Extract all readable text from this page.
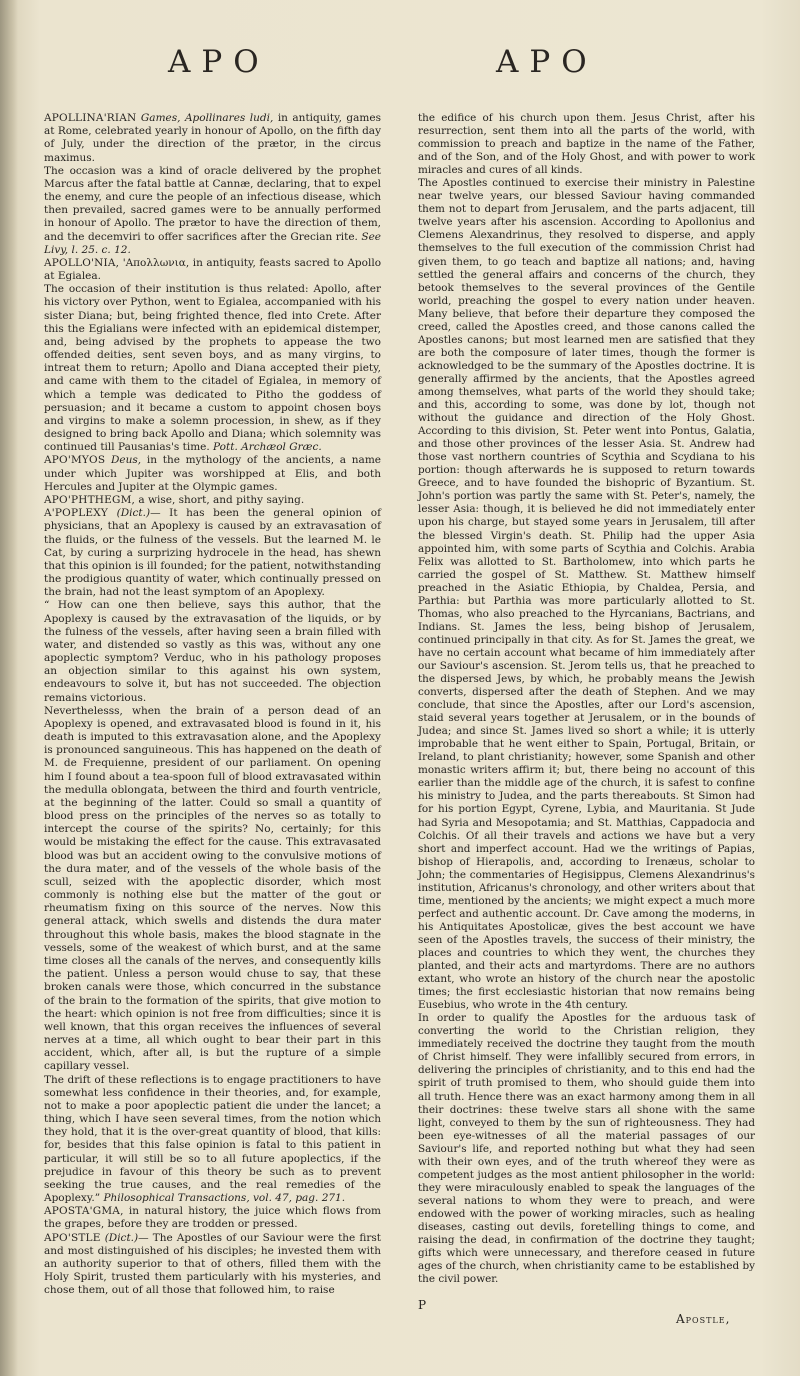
APO	APO

APOLLINA'RIAN Games, Apollinares ludi, in antiquity, games at Rome, celebrated yearly in honour of Apollo, on the fifth day of July, under the direction of the prætor, in the circus maximus.

The occasion was a kind of oracle delivered by the prophet Marcus after the fatal battle at Cannæ, declaring, that to expel the enemy, and cure the people of an infectious disease, which then prevailed, sacred games were to be annually performed in honour of Apollo. The prætor to have the direction of them, and the decemviri to offer sacrifices after the Grecian rite. See Livy, l. 25. c. 12.

APOLLO'NIA, 'Απολλωνια, in antiquity, feasts sacred to Apollo at Egialea.

The occasion of their institution is thus related: Apollo, after his victory over Python, went to Egialea, accompanied with his sister Diana; but, being frighted thence, fled into Crete. After this the Egialians were infected with an epidemical distemper, and, being advised by the prophets to appease the two offended deities, sent seven boys, and as many virgins, to intreat them to return; Apollo and Diana accepted their piety, and came with them to the citadel of Egialea, in memory of which a temple was dedicated to Pitho the goddess of persuasion; and it became a custom to appoint chosen boys and virgins to make a solemn procession, in shew, as if they designed to bring back Apollo and Diana; which solemnity was continued till Pausanias's time. Pott. Archæol Græc.

APO'MYOS Deus, in the mythology of the ancients, a name under which Jupiter was worshipped at Elis, and both Hercules and Jupiter at the Olympic games.

APO'PHTHEGM, a wise, short, and pithy saying.

A'POPLEXY (Dict.)— It has been the general opinion of physicians, that an Apoplexy is caused by an extravasation of the fluids, or the fulness of the vessels. But the learned M. le Cat, by curing a surprizing hydrocele in the head, has shewn that this opinion is ill founded; for the patient, notwithstanding the prodigious quantity of water, which continually pressed on the brain, had not the least symptom of an Apoplexy.

“ How can one then believe, says this author, that the Apoplexy is caused by the extravasation of the liquids, or by the fulness of the vessels, after having seen a brain filled with water, and distended so vastly as this was, without any one apoplectic symptom? Verduc, who in his pathology proposes an objection similar to this against his own system, endeavours to solve it, but has not succeeded. The objection remains victorious.

Neverthelesss, when the brain of a person dead of an Apoplexy is opened, and extravasated blood is found in it, his death is imputed to this extravasation alone, and the Apoplexy is pronounced sanguineous. This has happened on the death of M. de Frequienne, president of our parliament. On opening him I found about a tea-spoon full of blood extravasated within the medulla oblongata, between the third and fourth ventricle, at the beginning of the latter. Could so small a quantity of blood press on the principles of the nerves so as totally to intercept the course of the spirits? No, certainly; for this would be mistaking the effect for the cause. This extravasated blood was but an accident owing to the convulsive motions of the dura mater, and of the vessels of the whole basis of the scull, seized with the apoplectic disorder, which most commonly is nothing else but the matter of the gout or rheumatism fixing on this source of the nerves. Now this general attack, which swells and distends the dura mater throughout this whole basis, makes the blood stagnate in the vessels, some of the weakest of which burst, and at the same time closes all the canals of the nerves, and consequently kills the patient. Unless a person would chuse to say, that these broken canals were those, which concurred in the substance of the brain to the formation of the spirits, that give motion to the heart: which opinion is not free from difficulties; since it is well known, that this organ receives the influences of several nerves at a time, all which ought to bear their part in this accident, which, after all, is but the rupture of a simple capillary vessel.

The drift of these reflections is to engage practitioners to have somewhat less confidence in their theories, and, for example, not to make a poor apoplectic patient die under the lancet; a thing, which I have seen several times, from the notion which they hold, that it is the over-great quantity of blood, that kills: for, besides that this false opinion is fatal to this patient in particular, it will still be so to all future apoplectics, if the prejudice in favour of this theory be such as to prevent seeking the true causes, and the real remedies of the Apoplexy.” Philosophical Transactions, vol. 47, pag. 271.

APOSTA'GMA, in natural history, the juice which flows from the grapes, before they are trodden or pressed.

APO'STLE (Dict.)— The Apostles of our Saviour were the first and most distinguished of his disciples; he invested them with an authority superior to that of others, filled them with the Holy Spirit, trusted them particularly with his mysteries, and chose them, out of all those that followed him, to raise

the edifice of his church upon them. Jesus Christ, after his resurrection, sent them into all the parts of the world, with commission to preach and baptize in the name of the Father, and of the Son, and of the Holy Ghost, and with power to work miracles and cures of all kinds.

The Apostles continued to exercise their ministry in Palestine near twelve years, our blessed Saviour having commanded them not to depart from Jerusalem, and the parts adjacent, till twelve years after his ascension. According to Apollonius and Clemens Alexandrinus, they resolved to disperse, and apply themselves to the full execution of the commission Christ had given them, to go teach and baptize all nations; and, having settled the general affairs and concerns of the church, they betook themselves to the several provinces of the Gentile world, preaching the gospel to every nation under heaven. Many believe, that before their departure they composed the creed, called the Apostles creed, and those canons called the Apostles canons; but most learned men are satisfied that they are both the composure of later times, though the former is acknowledged to be the summary of the Apostles doctrine. It is generally affirmed by the ancients, that the Apostles agreed among themselves, what parts of the world they should take; and this, according to some, was done by lot, though not without the guidance and direction of the Holy Ghost. According to this division, St. Peter went into Pontus, Galatia, and those other provinces of the lesser Asia. St. Andrew had those vast northern countries of Scythia and Scydiana to his portion: though afterwards he is supposed to return towards Greece, and to have founded the bishopric of Byzantium. St. John's portion was partly the same with St. Peter's, namely, the lesser Asia: though, it is believed he did not immediately enter upon his charge, but stayed some years in Jerusalem, till after the blessed Virgin's death. St. Philip had the upper Asia appointed him, with some parts of Scythia and Colchis. Arabia Felix was allotted to St. Bartholomew, into which parts he carried the gospel of St. Matthew. St. Matthew himself preached in the Asiatic Ethiopia, by Chaldea, Persia, and Parthia: but Parthia was more particularly allotted to St. Thomas, who also preached to the Hyrcanians, Bactrians, and Indians. St. James the less, being bishop of Jerusalem, continued principally in that city. As for St. James the great, we have no certain account what became of him immediately after our Saviour's ascension. St. Jerom tells us, that he preached to the dispersed Jews, by which, he probably means the Jewish converts, dispersed after the death of Stephen. And we may conclude, that since the Apostles, after our Lord's ascension, staid several years together at Jerusalem, or in the bounds of Judea; and since St. James lived so short a while; it is utterly improbable that he went either to Spain, Portugal, Britain, or Ireland, to plant christianity; however, some Spanish and other monastic writers affirm it; but, there being no account of this earlier than the middle age of the church, it is safest to confine his ministry to Judea, and the parts thereabouts. St Simon had for his portion Egypt, Cyrene, Lybia, and Mauritania. St Jude had Syria and Mesopotamia; and St. Matthias, Cappadocia and Colchis. Of all their travels and actions we have but a very short and imperfect account. Had we the writings of Papias, bishop of Hierapolis, and, according to Irenæus, scholar to John; the commentaries of Hegisippus, Clemens Alexandrinus's institution, Africanus's chronology, and other writers about that time, mentioned by the ancients; we might expect a much more perfect and authentic account. Dr. Cave among the moderns, in his Antiquitates Apostolicæ, gives the best account we have seen of the Apostles travels, the success of their ministry, the places and countries to which they went, the churches they planted, and their acts and martyrdoms. There are no authors extant, who wrote an history of the church near the apostolic times; the first ecclesiastic historian that now remains being Eusebius, who wrote in the 4th century.

In order to qualify the Apostles for the arduous task of converting the world to the Christian religion, they immediately received the doctrine they taught from the mouth of Christ himself. They were infallibly secured from errors, in delivering the principles of christianity, and to this end had the spirit of truth promised to them, who should guide them into all truth. Hence there was an exact harmony among them in all their doctrines: these twelve stars all shone with the same light, conveyed to them by the sun of righteousness. They had been eye-witnesses of all the material passages of our Saviour's life, and reported nothing but what they had seen with their own eyes, and of the truth whereof they were as competent judges as the most antient philosopher in the world: they were miraculously enabled to speak the languages of the several nations to whom they were to preach, and were endowed with the power of working miracles, such as healing diseases, casting out devils, foretelling things to come, and raising the dead, in confirmation of the doctrine they taught; gifts which were unnecessary, and therefore ceased in future ages of the church, when christianity came to be established by the civil power.

P
Apostle,
